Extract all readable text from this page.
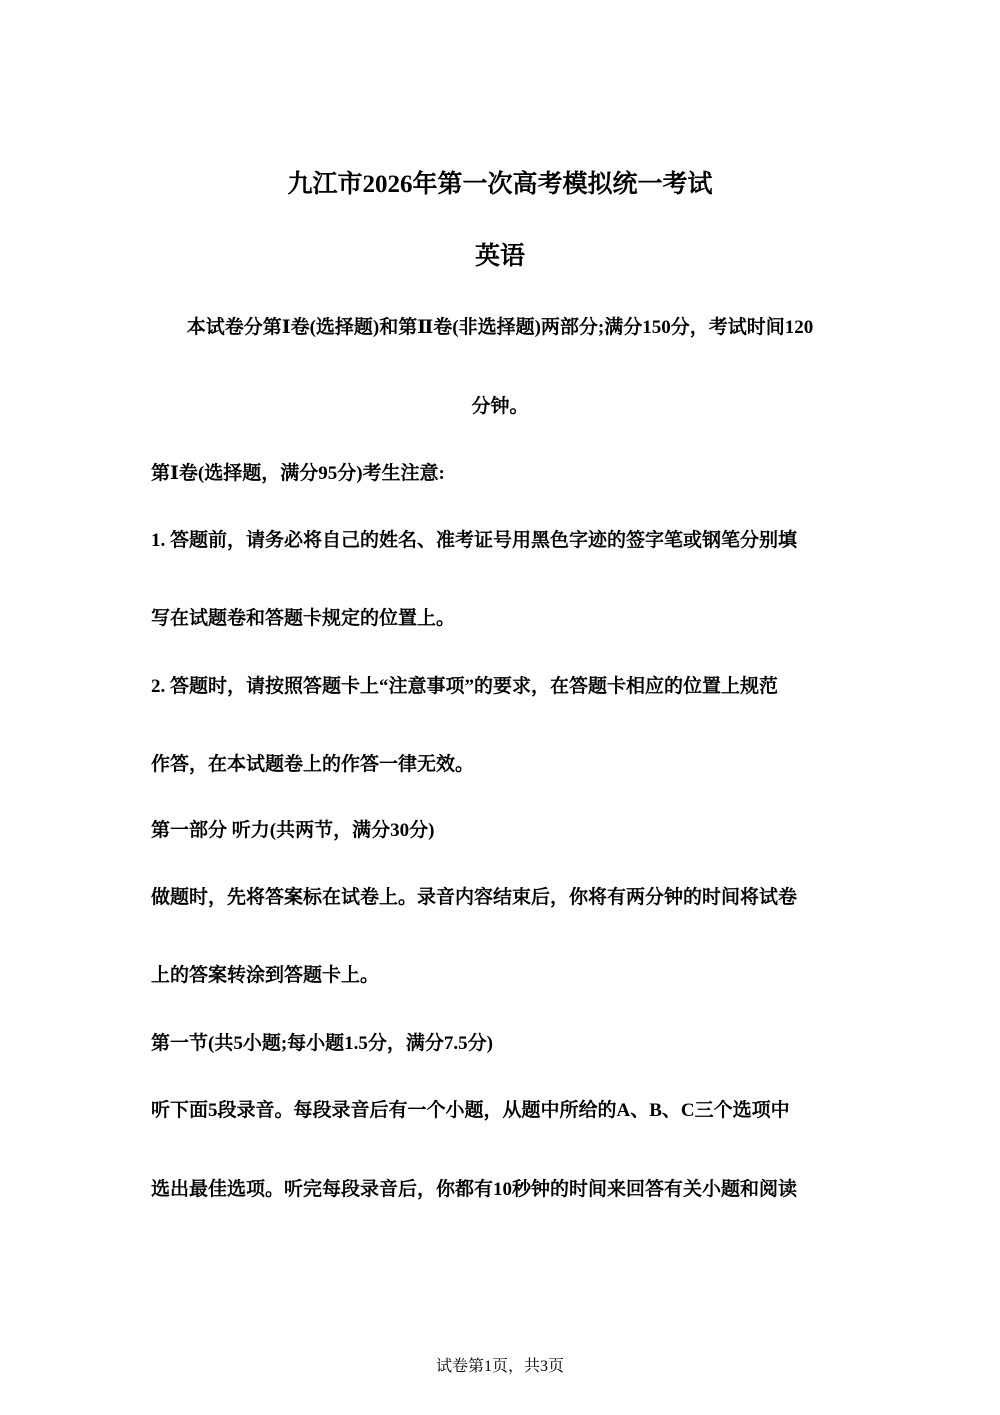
九江市2026年第一次高考模拟统一考试
英语
本试卷分第Ⅰ卷(选择题)和第Ⅱ卷(非选择题)两部分;满分150分，考试时间120
分钟。
第Ⅰ卷(选择题，满分95分)考生注意:
1. 答题前，请务必将自己的姓名、准考证号用黑色字迹的签字笔或钢笔分别填
写在试题卷和答题卡规定的位置上。
2. 答题时，请按照答题卡上“注意事项”的要求，在答题卡相应的位置上规范
作答，在本试题卷上的作答一律无效。
第一部分 听力(共两节，满分30分)
做题时，先将答案标在试卷上。录音内容结束后，你将有两分钟的时间将试卷
上的答案转涂到答题卡上。
第一节(共5小题;每小题1.5分，满分7.5分)
听下面5段录音。每段录音后有一个小题，从题中所给的A、B、C三个选项中
选出最佳选项。听完每段录音后，你都有10秒钟的时间来回答有关小题和阅读
试卷第1页，共3页
